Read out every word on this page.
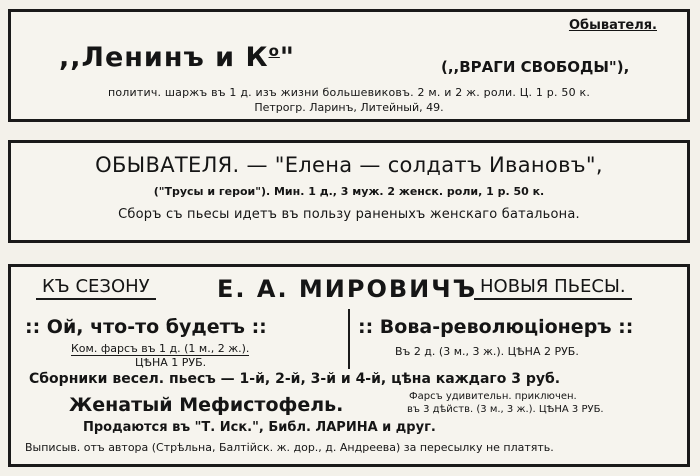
Обывателя.
,,Ленинъ и $К^о$"	(,,ВРАГИ СВОБОДЫ"),
политич. шаржъ въ 1 д. изъ жизни большевиковъ. 2 м. и 2 ж. роли. Ц. 1 р. 50 к.
Петрогр. Ларинъ, Литейный, 49.
ОБЫВАТЕЛЯ. — "Елена — солдатъ Ивановъ",
("Трусы и герои"). Мин. 1 д., 3 муж. 2 женск. роли, 1 р. 50 к.
Сборъ съ пьесы идетъ въ пользу раненыхъ женскаго батальона.
КЪ СЕЗОНУ	Е. А. МИРОВИЧЪ НОВЫЯ ПЬЕСЫ.
:: Ой, что-то будетъ ::
Ком. фарсъ въ 1 д. (1 м., 2 ж.).
ЦѢНА 1 РУБ.
:: Вова-революціонеръ ::
Въ 2 д. (3 м., 3 ж.). ЦѢНА 2 РУБ.
Сборники весел. пьесъ — 1-й, 2-й, 3-й и 4-й, цѣна каждаго 3 руб.
Женатый Мефистофель.	Фарсъ удивительн. приключен.
въ 3 дѣйств. (3 м., 3 ж.). ЦѢНА 3 РУБ.
Продаются въ "Т. Иск.", Библ. ЛАРИНА и друг.
Выписыв. отъ автора (Стрѣльна, Балтійск. ж. дор., д. Андреева) за пересылку не платять.
